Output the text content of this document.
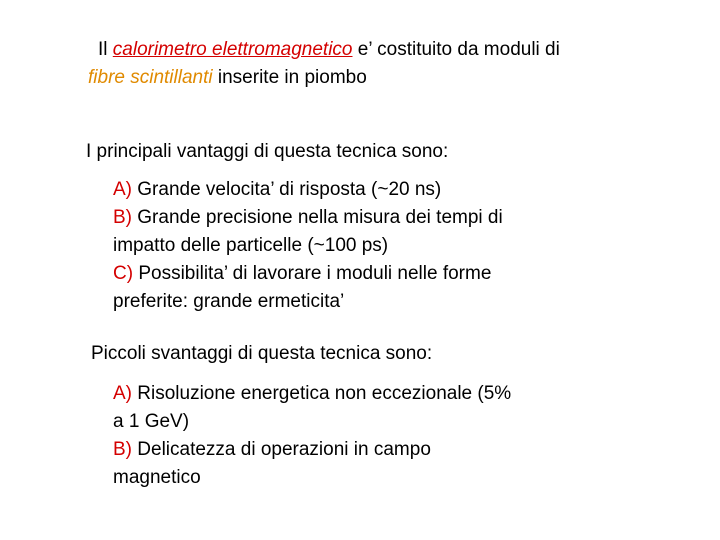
Il calorimetro elettromagnetico e’ costituito da moduli di
fibre scintillanti inserite in piombo
I principali vantaggi di questa tecnica sono:
A) Grande velocita’ di risposta (~20 ns)
B) Grande precisione nella misura dei tempi di
impatto delle particelle (~100 ps)
C) Possibilita’ di lavorare i moduli nelle forme
preferite: grande ermeticita’
Piccoli svantaggi di questa tecnica sono:
A) Risoluzione energetica non eccezionale (5%
a 1 GeV)
B) Delicatezza di operazioni in campo
magnetico
